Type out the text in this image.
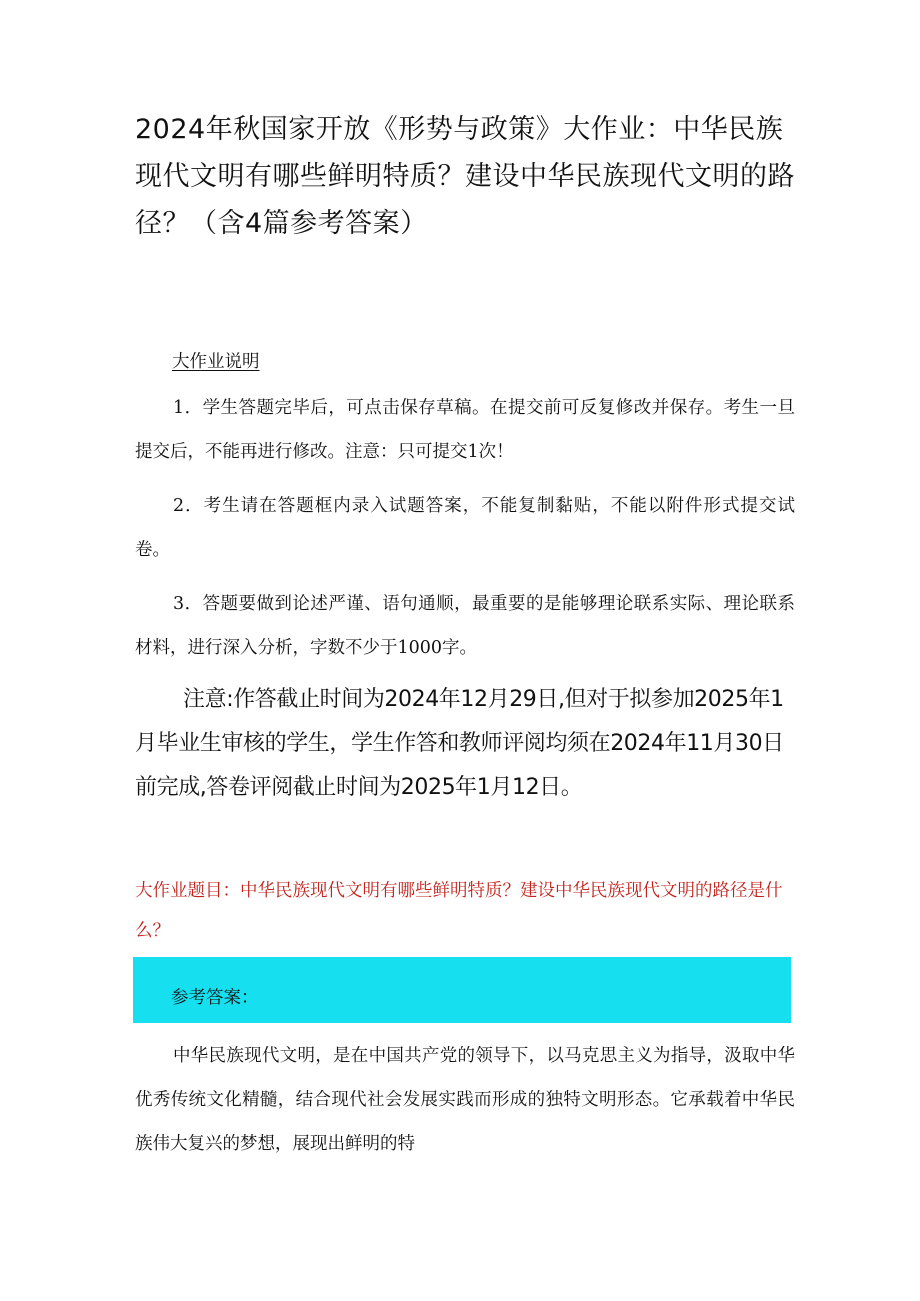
2024年秋国家开放《形势与政策》大作业：中华民族现代文明有哪些鲜明特质？建设中华民族现代文明的路径？（含4篇参考答案）
大作业说明

1．学生答题完毕后，可点击保存草稿。在提交前可反复修改并保存。考生一旦提交后，不能再进行修改。注意：只可提交1次！

2．考生请在答题框内录入试题答案，不能复制黏贴，不能以附件形式提交试卷。

3．答题要做到论述严谨、语句通顺，最重要的是能够理论联系实际、理论联系材料，进行深入分析，字数不少于1000字。

注意:作答截止时间为2024年12月29日,但对于拟参加2025年1月毕业生审核的学生，学生作答和教师评阅均须在2024年11月30日前完成,答卷评阅截止时间为2025年1月12日。

大作业题目：中华民族现代文明有哪些鲜明特质？建设中华民族现代文明的路径是什么？

参考答案：

中华民族现代文明，是在中国共产党的领导下，以马克思主义为指导，汲取中华优秀传统文化精髓，结合现代社会发展实践而形成的独特文明形态。它承载着中华民族伟大复兴的梦想，展现出鲜明的特
